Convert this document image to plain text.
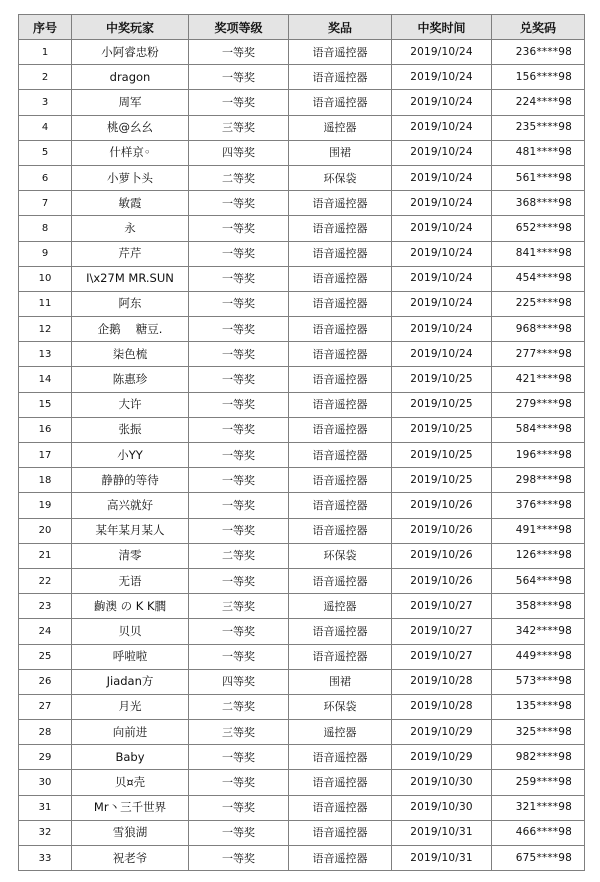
序号	中奖玩家	奖项等级	奖品	中奖时间	兑奖码
1	小阿睿忠粉	一等奖	语音遥控器	2019/10/24	236****98
2	dragon	一等奖	语音遥控器	2019/10/24	156****98
3	周军	一等奖	语音遥控器	2019/10/24	224****98
4	桃@幺幺	三等奖	遥控器	2019/10/24	235****98
5	什样京◦	四等奖	围裙	2019/10/24	481****98
6	小萝卜头	二等奖	环保袋	2019/10/24	561****98
7	敏霞	一等奖	语音遥控器	2019/10/24	368****98
8	永	一等奖	语音遥控器	2019/10/24	652****98
9	芹芹	一等奖	语音遥控器	2019/10/24	841****98
10	I\x27M MR.SUN	一等奖	语音遥控器	2019/10/24	454****98
11	阿东	一等奖	语音遥控器	2019/10/24	225****98
12	企鹅　 糖豆.	一等奖	语音遥控器	2019/10/24	968****98
13	柒色梳	一等奖	语音遥控器	2019/10/24	277****98
14	陈惠珍	一等奖	语音遥控器	2019/10/25	421****98
15	大许	一等奖	语音遥控器	2019/10/25	279****98
16	张振	一等奖	语音遥控器	2019/10/25	584****98
17	小YY	一等奖	语音遥控器	2019/10/25	196****98
18	静静的等待	一等奖	语音遥控器	2019/10/25	298****98
19	高兴就好	一等奖	语音遥控器	2019/10/26	376****98
20	某年某月某人	一等奖	语音遥控器	2019/10/26	491****98
21	清零	二等奖	环保袋	2019/10/26	126****98
22	无语	一等奖	语音遥控器	2019/10/26	564****98
23	齣澳 の K K膶	三等奖	遥控器	2019/10/27	358****98
24	贝贝	一等奖	语音遥控器	2019/10/27	342****98
25	呼啦啦	一等奖	语音遥控器	2019/10/27	449****98
26	Jiadan方	四等奖	围裙	2019/10/28	573****98
27	月光	二等奖	环保袋	2019/10/28	135****98
28	向前进	三等奖	遥控器	2019/10/29	325****98
29	Baby	一等奖	语音遥控器	2019/10/29	982****98
30	贝¤壳	一等奖	语音遥控器	2019/10/30	259****98
31	Mr丶三千世界	一等奖	语音遥控器	2019/10/30	321****98
32	雪狼湖	一等奖	语音遥控器	2019/10/31	466****98
33	祝老爷	一等奖	语音遥控器	2019/10/31	675****98
